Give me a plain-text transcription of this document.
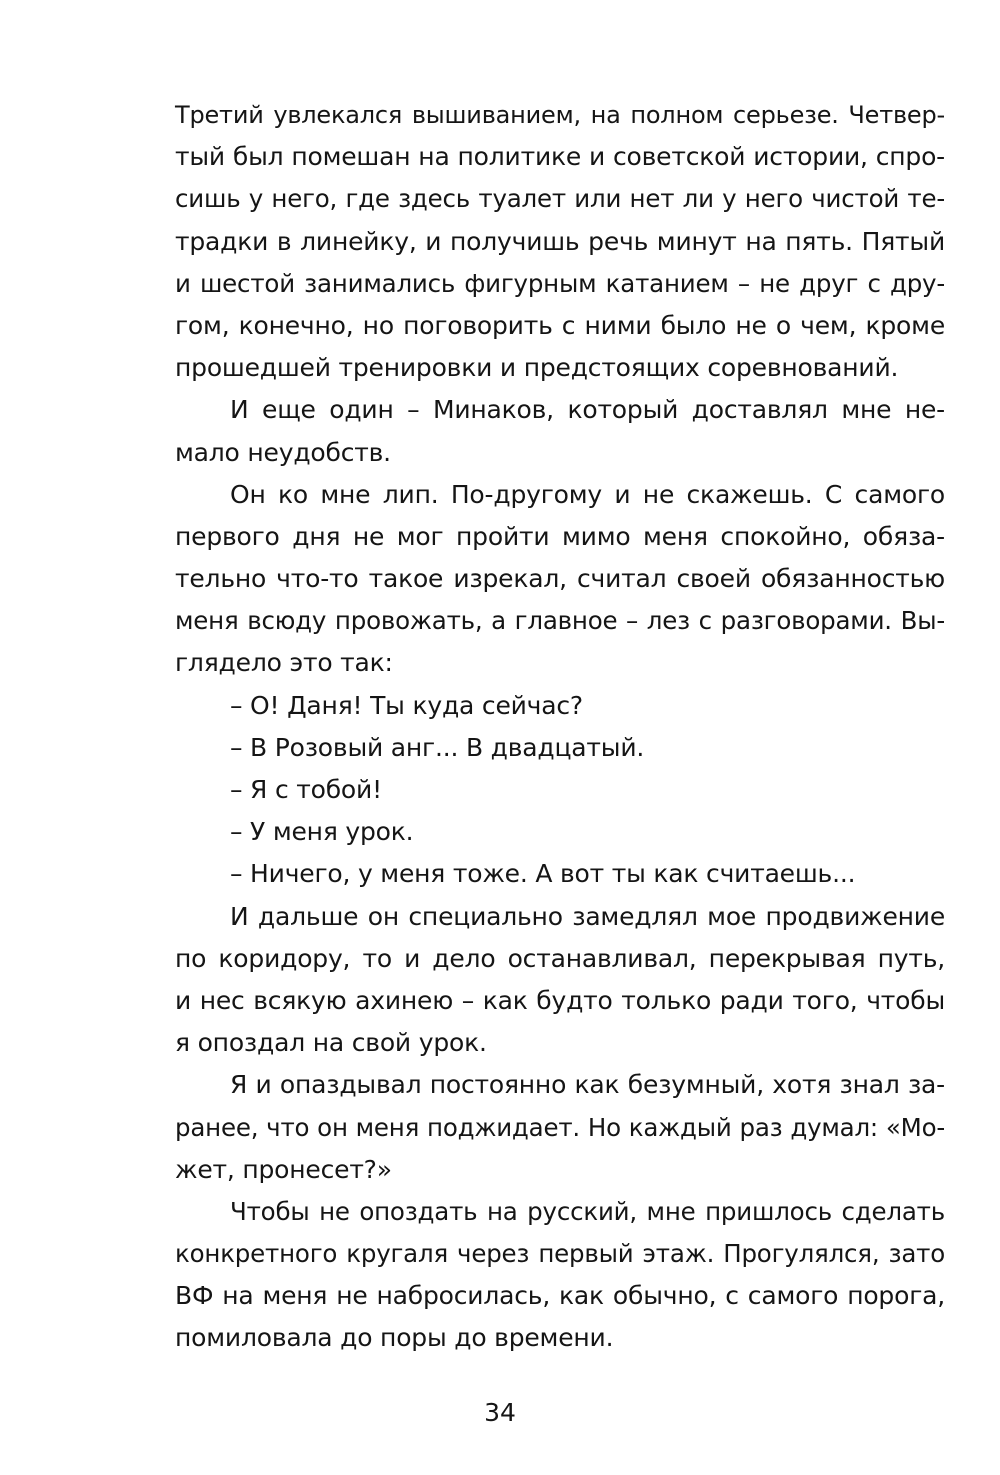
Третий увлекался вышиванием, на полном серьезе. Четвер-
тый был помешан на политике и советской истории, спро-
сишь у него, где здесь туалет или нет ли у него чистой те-
традки в линейку, и получишь речь минут на пять. Пятый
и шестой занимались фигурным катанием – не друг с дру-
гом, конечно, но поговорить с ними было не о чем, кроме
прошедшей тренировки и предстоящих соревнований.
И еще один – Минаков, который доставлял мне не-
мало неудобств.
Он ко мне лип. По-другому и не скажешь. С самого
первого дня не мог пройти мимо меня спокойно, обяза-
тельно что-то такое изрекал, считал своей обязанностью
меня всюду провожать, а главное – лез с разговорами. Вы-
глядело это так:
– О! Даня! Ты куда сейчас?
– В Розовый анг... В двадцатый.
– Я с тобой!
– У меня урок.
– Ничего, у меня тоже. А вот ты как считаешь...
И дальше он специально замедлял мое продвижение
по коридору, то и дело останавливал, перекрывая путь,
и нес всякую ахинею – как будто только ради того, чтобы
я опоздал на свой урок.
Я и опаздывал постоянно как безумный, хотя знал за-
ранее, что он меня поджидает. Но каждый раз думал: «Мо-
жет, пронесет?»
Чтобы не опоздать на русский, мне пришлось сделать
конкретного кругаля через первый этаж. Прогулялся, зато
ВФ на меня не набросилась, как обычно, с самого порога,
помиловала до поры до времени.
34
